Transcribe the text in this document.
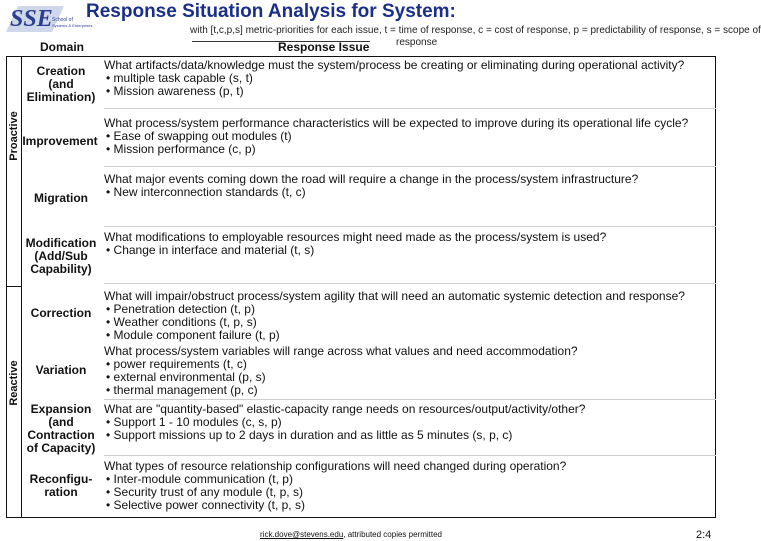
SSE School of
Systems & Enterprises
Response Situation Analysis for System:
with [t,c,p,s] metric-priorities for each issue, t = time of response, c = cost of response, p = predictability of response, s = scope of
response
Domain	Response Issue
Proactive
Reactive
Creation
(and
Elimination)
What artifacts/data/knowledge must the system/process be creating or eliminating during operational activity?
• multiple task capable (s, t)
• Mission awareness (p, t)
Improvement
What process/system performance characteristics will be expected to improve during its operational life cycle?
• Ease of swapping out modules (t)
• Mission performance (c, p)
Migration
What major events coming down the road will require a change in the process/system infrastructure?
• New interconnection standards (t, c)
Modification
(Add/Sub
Capability)
What modifications to employable resources might need made as the process/system is used?
• Change in interface and material (t, s)
Correction
What will impair/obstruct process/system agility that will need an automatic systemic detection and response?
• Penetration detection (t, p)
• Weather conditions (t, p, s)
• Module component failure (t, p)
Variation
What process/system variables will range across what values and need accommodation?
• power requirements (t, c)
• external environmental (p, s)
• thermal management (p, c)
Expansion
(and
Contraction
of Capacity)
What are "quantity-based" elastic-capacity range needs on resources/output/activity/other?
• Support 1 - 10 modules (c, s, p)
• Support missions up to 2 days in duration and as little as 5 minutes (s, p, c)
Reconfigu-
ration
What types of resource relationship configurations will need changed during operation?
• Inter-module communication (t, p)
• Security trust of any module (t, p, s)
• Selective power connectivity (t, p, s)
rick.dove@stevens.edu, attributed copies permitted	2:4
